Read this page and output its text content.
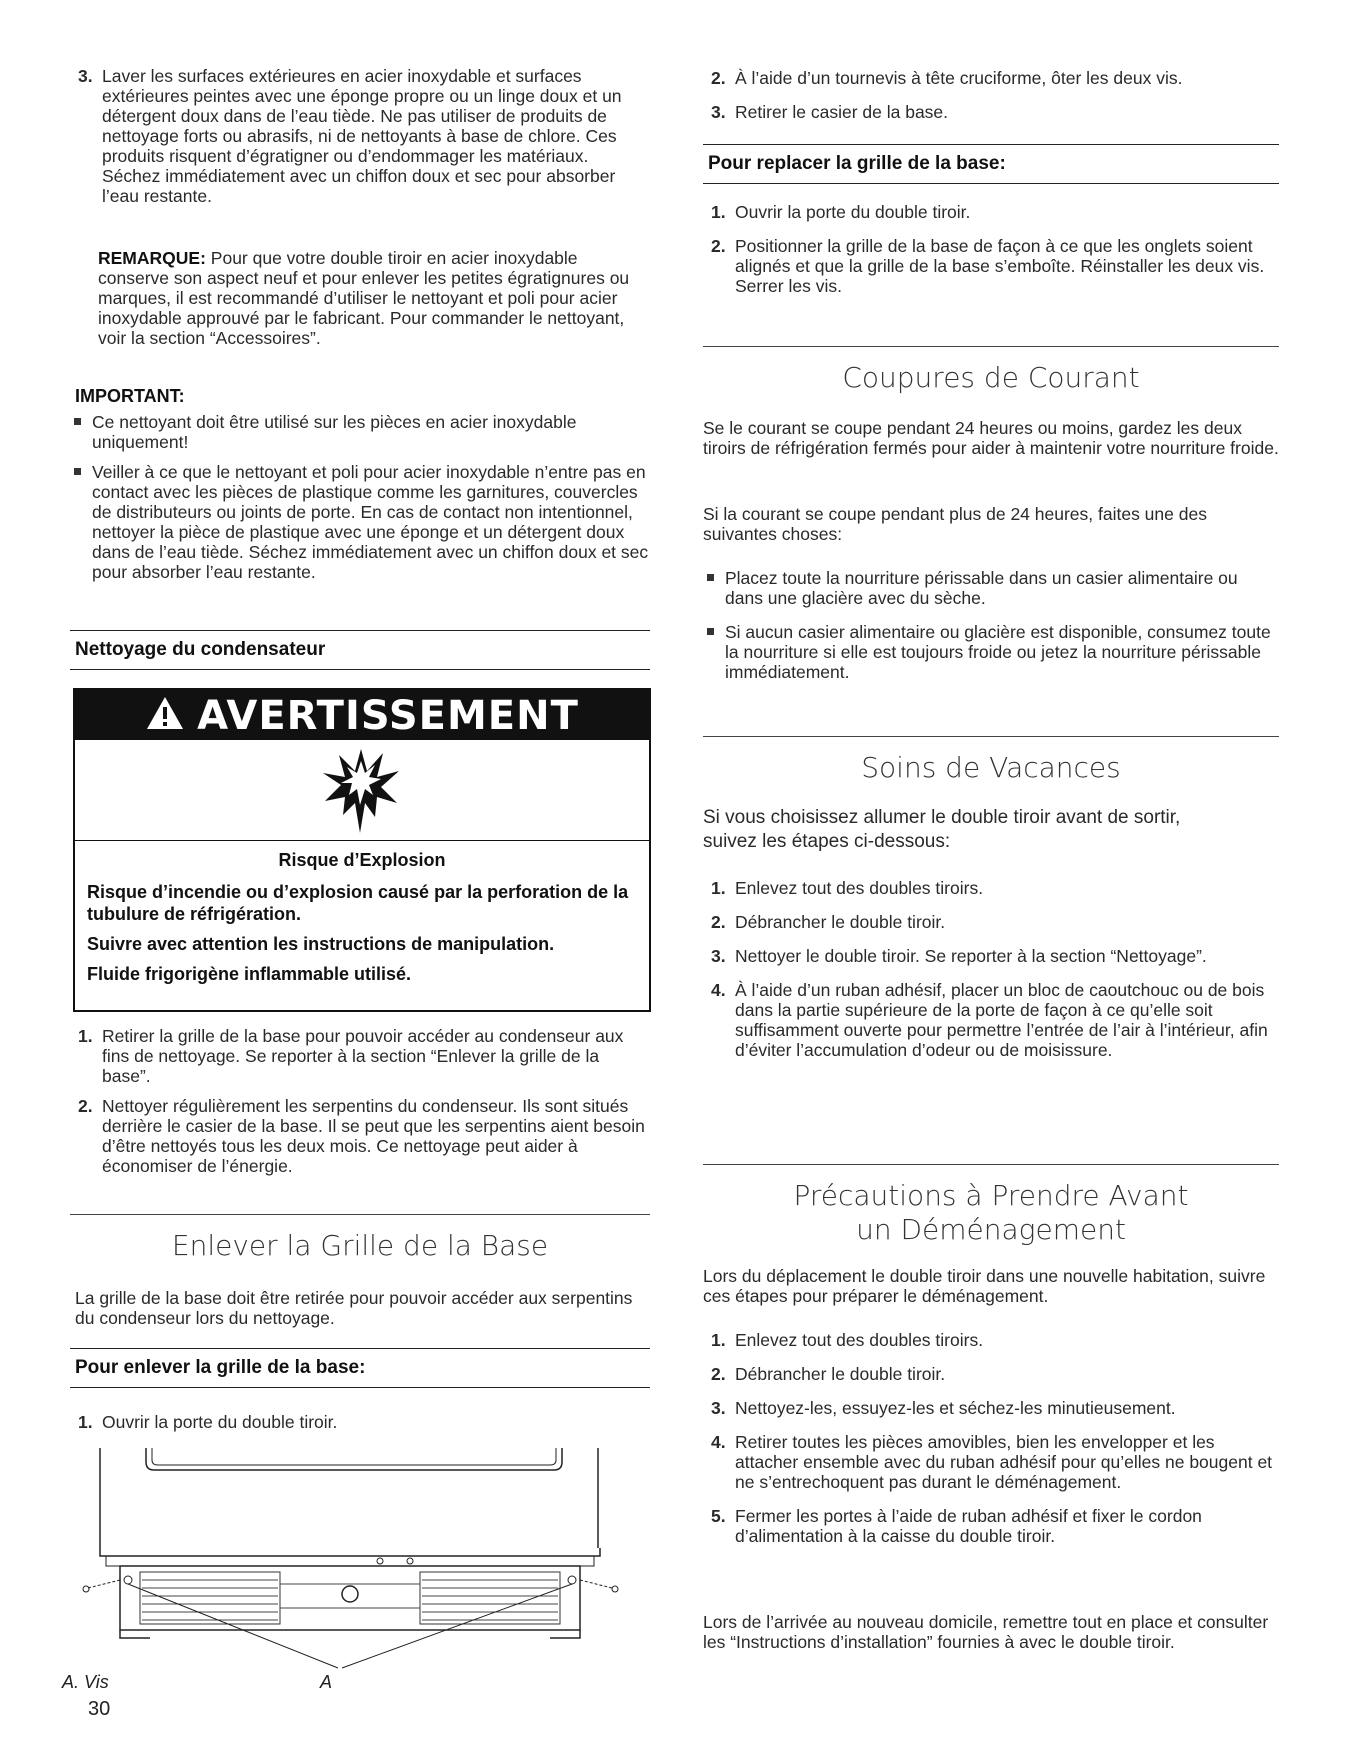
3. Laver les surfaces extérieures en acier inoxydable et surfaces extérieures peintes avec une éponge propre ou un linge doux et un détergent doux dans de l’eau tiède. Ne pas utiliser de produits de nettoyage forts ou abrasifs, ni de nettoyants à base de chlore. Ces produits risquent d’égratigner ou d’endommager les matériaux.

Séchez immédiatement avec un chiffon doux et sec pour absorber l’eau restante.

REMARQUE: Pour que votre double tiroir en acier inoxydable conserve son aspect neuf et pour enlever les petites égratignures ou marques, il est recommandé d’utiliser le nettoyant et poli pour acier inoxydable approuvé par le fabricant. Pour commander le nettoyant, voir la section “Accessoires”.

IMPORTANT:

Ce nettoyant doit être utilisé sur les pièces en acier inoxydable uniquement!

Veiller à ce que le nettoyant et poli pour acier inoxydable n’entre pas en contact avec les pièces de plastique comme les garnitures, couvercles de distributeurs ou joints de porte. En cas de contact non intentionnel, nettoyer la pièce de plastique avec une éponge et un détergent doux dans de l’eau tiède. Séchez immédiatement avec un chiffon doux et sec pour absorber l’eau restante.

Nettoyage du condensateur
AVERTISSEMENT

Risque d’Explosion

Risque d’incendie ou d’explosion causé par la perforation de la tubulure de réfrigération.

Suivre avec attention les instructions de manipulation.

Fluide frigorigène inflammable utilisé.

1. Retirer la grille de la base pour pouvoir accéder au condenseur aux fins de nettoyage. Se reporter à la section “Enlever la grille de la base”.

2. Nettoyer régulièrement les serpentins du condenseur. Ils sont situés derrière le casier de la base. Il se peut que les serpentins aient besoin d’être nettoyés tous les deux mois. Ce nettoyage peut aider à économiser de l’énergie.

Enlever la Grille de la Base

La grille de la base doit être retirée pour pouvoir accéder aux serpentins du condenseur lors du nettoyage.

Pour enlever la grille de la base:

1. Ouvrir la porte du double tiroir.

A

A. Vis

30

2. À l’aide d’un tournevis à tête cruciforme, ôter les deux vis.

3. Retirer le casier de la base.

Pour replacer la grille de la base:

1. Ouvrir la porte du double tiroir.

2. Positionner la grille de la base de façon à ce que les onglets soient alignés et que la grille de la base s’emboîte. Réinstaller les deux vis. Serrer les vis.

Coupures de Courant

Se le courant se coupe pendant 24 heures ou moins, gardez les deux tiroirs de réfrigération fermés pour aider à maintenir votre nourriture froide.

Si la courant se coupe pendant plus de 24 heures, faites une des suivantes choses:

Placez toute la nourriture périssable dans un casier alimentaire ou dans une glacière avec du sèche.

Si aucun casier alimentaire ou glacière est disponible, consumez toute la nourriture si elle est toujours froide ou jetez la nourriture périssable immédiatement.

Soins de Vacances

Si vous choisissez allumer le double tiroir avant de sortir, suivez les étapes ci-dessous:

1. Enlevez tout des doubles tiroirs.

2. Débrancher le double tiroir.

3. Nettoyer le double tiroir. Se reporter à la section “Nettoyage”.

4. À l’aide d’un ruban adhésif, placer un bloc de caoutchouc ou de bois dans la partie supérieure de la porte de façon à ce qu’elle soit suffisamment ouverte pour permettre l’entrée de l’air à l’intérieur, afin d’éviter l’accumulation d’odeur ou de moisissure.

Précautions à Prendre Avant
un Déménagement

Lors du déplacement le double tiroir dans une nouvelle habitation, suivre ces étapes pour préparer le déménagement.

1. Enlevez tout des doubles tiroirs.

2. Débrancher le double tiroir.

3. Nettoyez-les, essuyez-les et séchez-les minutieusement.

4. Retirer toutes les pièces amovibles, bien les envelopper et les attacher ensemble avec du ruban adhésif pour qu’elles ne bougent et ne s’entrechoquent pas durant le déménagement.

5. Fermer les portes à l’aide de ruban adhésif et fixer le cordon d’alimentation à la caisse du double tiroir.

Lors de l’arrivée au nouveau domicile, remettre tout en place et consulter les “Instructions d’installation” fournies à avec le double tiroir.
